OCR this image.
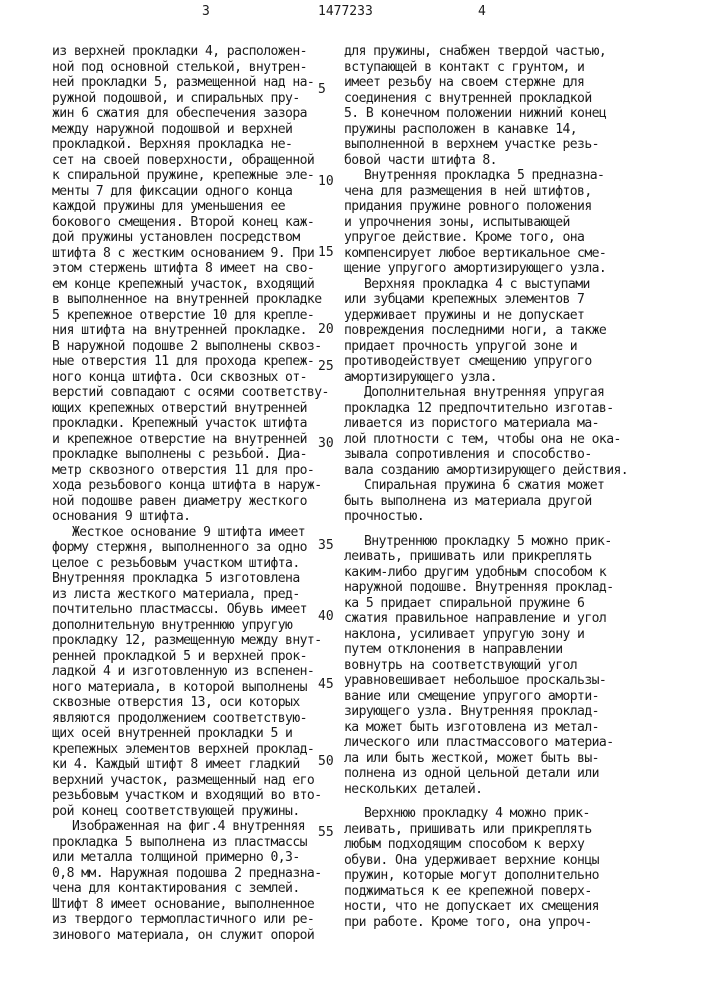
3	1477233	4
из верхней прокладки 4, расположен-
ной под основной стелькой, внутрен-
ней прокладки 5, размещенной над на-
ружной подошвой, и спиральных пру-
жин 6 сжатия для обеспечения зазора
между наружной подошвой и верхней
прокладкой. Верхняя прокладка не-
сет на своей поверхности, обращенной
к спиральной пружине, крепежные эле-
менты 7 для фиксации одного конца
каждой пружины для уменьшения ее
бокового смещения. Второй конец каж-
дой пружины установлен посредством
штифта 8 с жестким основанием 9. При
этом стержень штифта 8 имеет на сво-
ем конце крепежный участок, входящий
в выполненное на внутренней прокладке
5 крепежное отверстие 10 для крепле-
ния штифта на внутренней прокладке.
В наружной подошве 2 выполнены сквоз-
ные отверстия 11 для прохода крепеж-
ного конца штифта. Оси сквозных от-
верстий совпадают с осями соответству-
ющих крепежных отверстий внутренней
прокладки. Крепежный участок штифта
и крепежное отверстие на внутренней
прокладке выполнены с резьбой. Диа-
метр сквозного отверстия 11 для про-
хода резьбового конца штифта в наруж-
ной подошве равен диаметру жесткого
основания 9 штифта.
Жесткое основание 9 штифта имеет
форму стержня, выполненного за одно
целое с резьбовым участком штифта.
Внутренняя прокладка 5 изготовлена
из листа жесткого материала, пред-
почтительно пластмассы. Обувь имеет
дополнительную внутреннюю упругую
прокладку 12, размещенную между внут-
ренней прокладкой 5 и верхней прок-
ладкой 4 и изготовленную из вспенен-
ного материала, в которой выполнены
сквозные отверстия 13, оси которых
являются продолжением соответствую-
щих осей внутренней прокладки 5 и
крепежных элементов верхней проклад-
ки 4. Каждый штифт 8 имеет гладкий
верхний участок, размещенный над его
резьбовым участком и входящий во вто-
рой конец соответствующей пружины.
Изображенная на фиг.4 внутренняя
прокладка 5 выполнена из пластмассы
или металла толщиной примерно 0,3-
0,8 мм. Наружная подошва 2 предназна-
чена для контактирования с землей.
Штифт 8 имеет основание, выполненное
из твердого термопластичного или ре-
зинового материала, он служит опорой
для пружины, снабжен твердой частью,
вступающей в контакт с грунтом, и
имеет резьбу на своем стержне для
соединения с внутренней прокладкой
5. В конечном положении нижний конец
пружины расположен в канавке 14,
выполненной в верхнем участке резь-
бовой части штифта 8.
Внутренняя прокладка 5 предназна-
чена для размещения в ней штифтов,
придания пружине ровного положения
и упрочнения зоны, испытывающей
упругое действие. Кроме того, она
компенсирует любое вертикальное сме-
щение упругого амортизирующего узла.
Верхняя прокладка 4 с выступами
или зубцами крепежных элементов 7
удерживает пружины и не допускает
повреждения последними ноги, а также
придает прочность упругой зоне и
противодействует смещению упругого
амортизирующего узла.
Дополнительная внутренняя упругая
прокладка 12 предпочтительно изготав-
ливается из пористого материала ма-
лой плотности с тем, чтобы она не ока-
зывала сопротивления и способство-
вала созданию амортизирующего действия.
Спиральная пружина 6 сжатия может
быть выполнена из материала другой
прочностью.
Внутреннюю прокладку 5 можно прик-
леивать, пришивать или прикреплять
каким-либо другим удобным способом к
наружной подошве. Внутренняя проклад-
ка 5 придает спиральной пружине 6
сжатия правильное направление и угол
наклона, усиливает упругую зону и
путем отклонения в направлении
вовнутрь на соответствующий угол
уравновешивает небольшое проскальзы-
вание или смещение упругого аморти-
зирующего узла. Внутренняя проклад-
ка может быть изготовлена из метал-
лического или пластмассового материа-
ла или быть жесткой, может быть вы-
полнена из одной цельной детали или
нескольких деталей.
Верхнюю прокладку 4 можно прик-
леивать, пришивать или прикреплять
любым подходящим способом к верху
обуви. Она удерживает верхние концы
пружин, которые могут дополнительно
поджиматься к ее крепежной поверх-
ности, что не допускает их смещения
при работе. Кроме того, она упроч-
5
10
15
20
25
30
35
40
45
50
55
